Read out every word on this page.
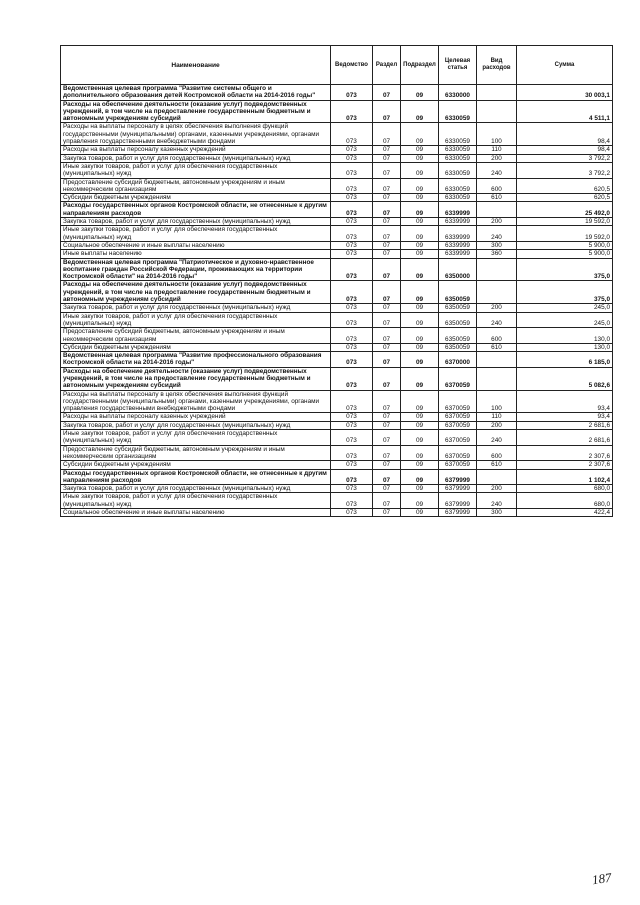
Наименование	Ведомство	Раздел	Подраздел	Целевая статья	Вид расходов	Сумма
Ведомственная целевая программа "Развитие системы общего и дополнительного образования детей Костромской области на 2014-2016 годы"	073	07	09	6330000		30 003,1
Расходы на обеспечение деятельности (оказание услуг) подведомственных учреждений, в том числе на предоставление государственным бюджетным и автономным учреждениям субсидий	073	07	09	6330059		4 511,1
Расходы на выплаты персоналу в целях обеспечения выполнения функций государственными (муниципальными) органами, казенными учреждениями, органами управления государственными внебюджетными фондами	073	07	09	6330059	100	98,4
Расходы на выплаты персоналу казенных учреждений	073	07	09	6330059	110	98,4
Закупка товаров, работ и услуг для государственных (муниципальных) нужд	073	07	09	6330059	200	3 792,2
Иные закупки товаров, работ и услуг для обеспечения государственных (муниципальных) нужд	073	07	09	6330059	240	3 792,2
Предоставление субсидий бюджетным, автономным учреждениям и иным некоммерческим организациям	073	07	09	6330059	600	620,5
Субсидии бюджетным учреждениям	073	07	09	6330059	610	620,5
Расходы государственных органов Костромской области, не отнесенные к другим направлениям расходов	073	07	09	6339999		25 492,0
Закупка товаров, работ и услуг для государственных (муниципальных) нужд	073	07	09	6339999	200	19 592,0
Иные закупки товаров, работ и услуг для обеспечения государственных (муниципальных) нужд	073	07	09	6339999	240	19 592,0
Социальное обеспечение и иные выплаты населению	073	07	09	6339999	300	5 900,0
Иные выплаты населению	073	07	09	6339999	360	5 900,0
Ведомственная целевая программа "Патриотическое и духовно-нравственное воспитание граждан Российской Федерации, проживающих на территории Костромской области" на 2014-2016 годы"	073	07	09	6350000		375,0
Расходы на обеспечение деятельности (оказание услуг) подведомственных учреждений, в том числе на предоставление государственным бюджетным и автономным учреждениям субсидий	073	07	09	6350059		375,0
Закупка товаров, работ и услуг для государственных (муниципальных) нужд	073	07	09	6350059	200	245,0
Иные закупки товаров, работ и услуг для обеспечения государственных (муниципальных) нужд	073	07	09	6350059	240	245,0
Предоставление субсидий бюджетным, автономным учреждениям и иным некоммерческим организациям	073	07	09	6350059	600	130,0
Субсидии бюджетным учреждениям	073	07	09	6350059	610	130,0
Ведомственная целевая программа "Развитие профессионального образования Костромской области на 2014-2016 годы"	073	07	09	6370000		6 185,0
Расходы на обеспечение деятельности (оказание услуг) подведомственных учреждений, в том числе на предоставление государственным бюджетным и автономным учреждениям субсидий	073	07	09	6370059		5 082,6
Расходы на выплаты персоналу в целях обеспечения выполнения функций государственными (муниципальными) органами, казенными учреждениями, органами управления государственными внебюджетными фондами	073	07	09	6370059	100	93,4
Расходы на выплаты персоналу казенных учреждений	073	07	09	6370059	110	93,4
Закупка товаров, работ и услуг для государственных (муниципальных) нужд	073	07	09	6370059	200	2 681,6
Иные закупки товаров, работ и услуг для обеспечения государственных (муниципальных) нужд	073	07	09	6370059	240	2 681,6
Предоставление субсидий бюджетным, автономным учреждениям и иным некоммерческим организациям	073	07	09	6370059	600	2 307,6
Субсидии бюджетным учреждениям	073	07	09	6370059	610	2 307,6
Расходы государственных органов Костромской области, не отнесенные к другим направлениям расходов	073	07	09	6379999		1 102,4
Закупка товаров, работ и услуг для государственных (муниципальных) нужд	073	07	09	6379999	200	680,0
Иные закупки товаров, работ и услуг для обеспечения государственных (муниципальных) нужд	073	07	09	6379999	240	680,0
Социальное обеспечение и иные выплаты населению	073	07	09	6379999	300	422,4
187
